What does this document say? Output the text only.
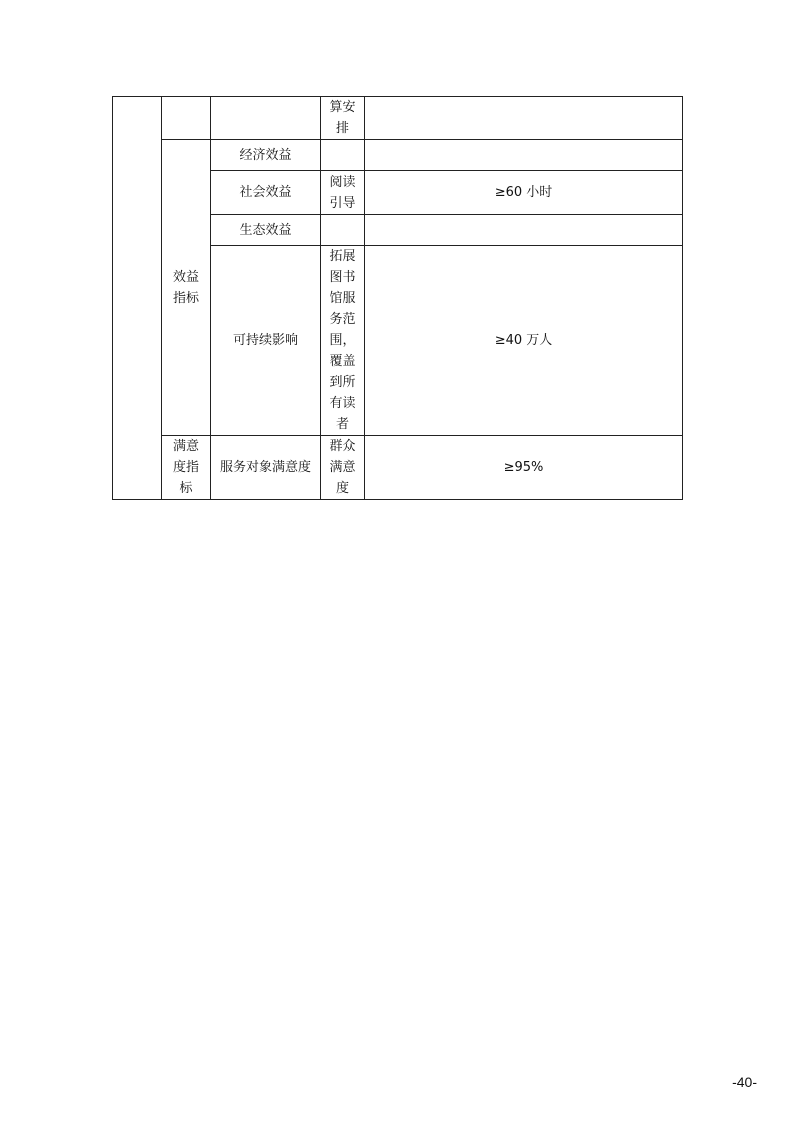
			算安排	

	效益指标	经济效益		
		社会效益	阅读引导	≥60 小时
		生态效益		
		可持续影响	拓展图书馆服务范围，覆盖到所有读者	≥40 万人

	满意度指标	服务对象满意度	群众满意度	≥95%
-40-
